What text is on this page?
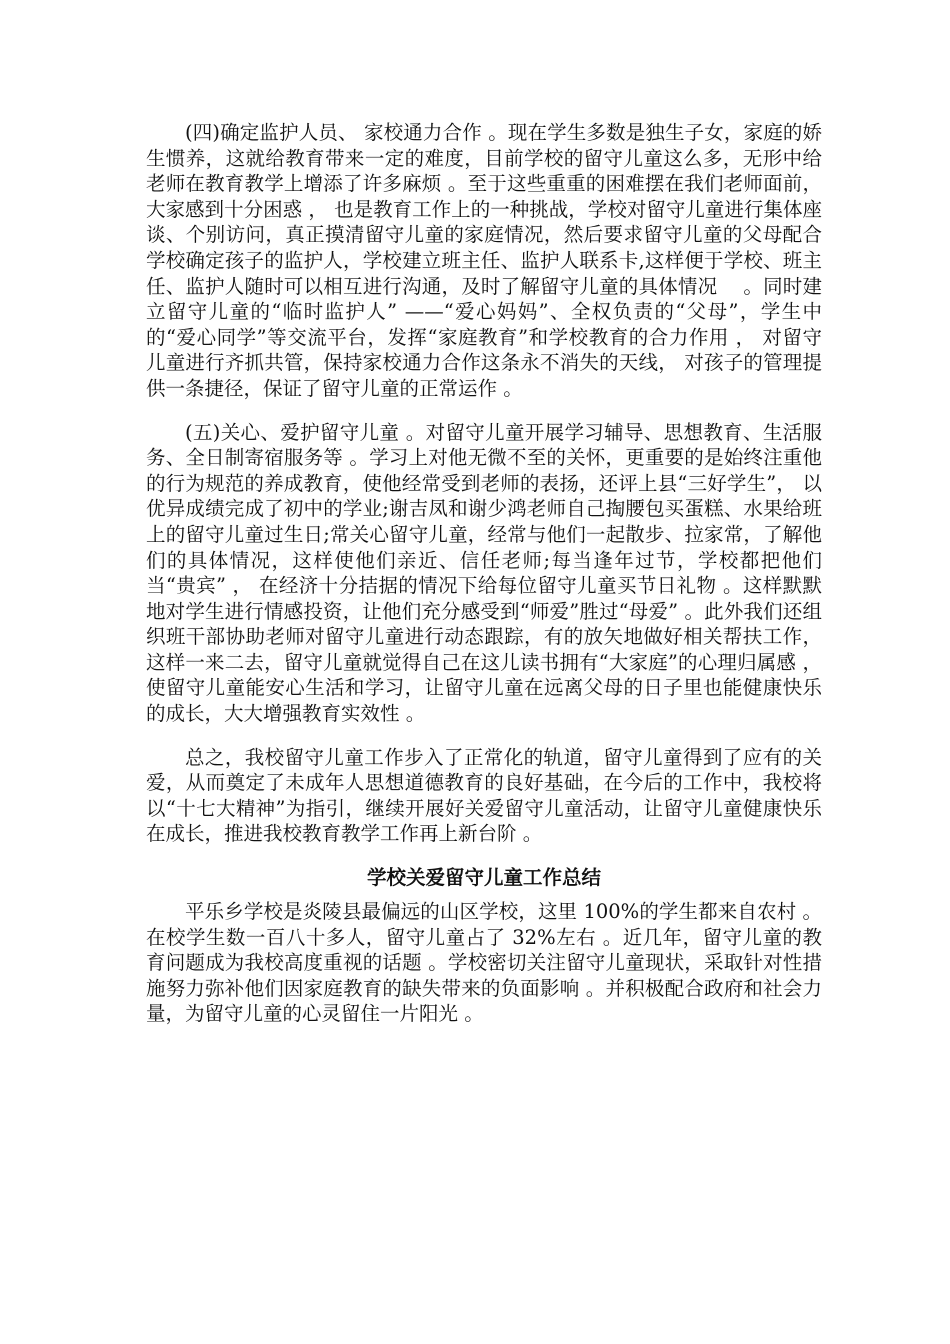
(四)确定监护人员、 家校通力合作 。现在学生多数是独生子女，家庭的娇生惯养，这就给教育带来一定的难度，目前学校的留守儿童这么多，无形中给老师在教育教学上增添了许多麻烦 。至于这些重重的困难摆在我们老师面前，大家感到十分困惑 ， 也是教育工作上的一种挑战，学校对留守儿童进行集体座谈、个别访问，真正摸清留守儿童的家庭情况，然后要求留守儿童的父母配合学校确定孩子的监护人，学校建立班主任、监护人联系卡,这样便于学校、班主任、监护人随时可以相互进行沟通，及时了解留守儿童的具体情况 　。同时建立留守儿童的“临时监护人” ——“爱心妈妈”、全权负责的“父母”，学生中的“爱心同学”等交流平台，发挥“家庭教育”和学校教育的合力作用 ， 对留守儿童进行齐抓共管，保持家校通力合作这条永不消失的天线， 对孩子的管理提供一条捷径，保证了留守儿童的正常运作 。

(五)关心、爱护留守儿童 。对留守儿童开展学习辅导、思想教育、生活服务、全日制寄宿服务等 。学习上对他无微不至的关怀，更重要的是始终注重他的行为规范的养成教育，使他经常受到老师的表扬，还评上县“三好学生”， 以优异成绩完成了初中的学业;谢吉凤和谢少鸿老师自己掏腰包买蛋糕、水果给班上的留守儿童过生日;常关心留守儿童，经常与他们一起散步、拉家常，了解他们的具体情况，这样使他们亲近、信任老师;每当逢年过节，学校都把他们当“贵宾” ， 在经济十分拮据的情况下给每位留守儿童买节日礼物 。这样默默地对学生进行情感投资，让他们充分感受到“师爱”胜过“母爱” 。此外我们还组织班干部协助老师对留守儿童进行动态跟踪，有的放矢地做好相关帮扶工作，这样一来二去，留守儿童就觉得自己在这儿读书拥有“大家庭”的心理归属感 ， 使留守儿童能安心生活和学习，让留守儿童在远离父母的日子里也能健康快乐的成长，大大增强教育实效性 。

总之，我校留守儿童工作步入了正常化的轨道，留守儿童得到了应有的关爱，从而奠定了未成年人思想道德教育的良好基础，在今后的工作中，我校将以“十七大精神”为指引，继续开展好关爱留守儿童活动，让留守儿童健康快乐在成长，推进我校教育教学工作再上新台阶 。

学校关爱留守儿童工作总结

平乐乡学校是炎陵县最偏远的山区学校，这里 100%的学生都来自农村 。在校学生数一百八十多人，留守儿童占了 32%左右 。近几年，留守儿童的教育问题成为我校高度重视的话题 。学校密切关注留守儿童现状，采取针对性措施努力弥补他们因家庭教育的缺失带来的负面影响 。并积极配合政府和社会力量，为留守儿童的心灵留住一片阳光 。
